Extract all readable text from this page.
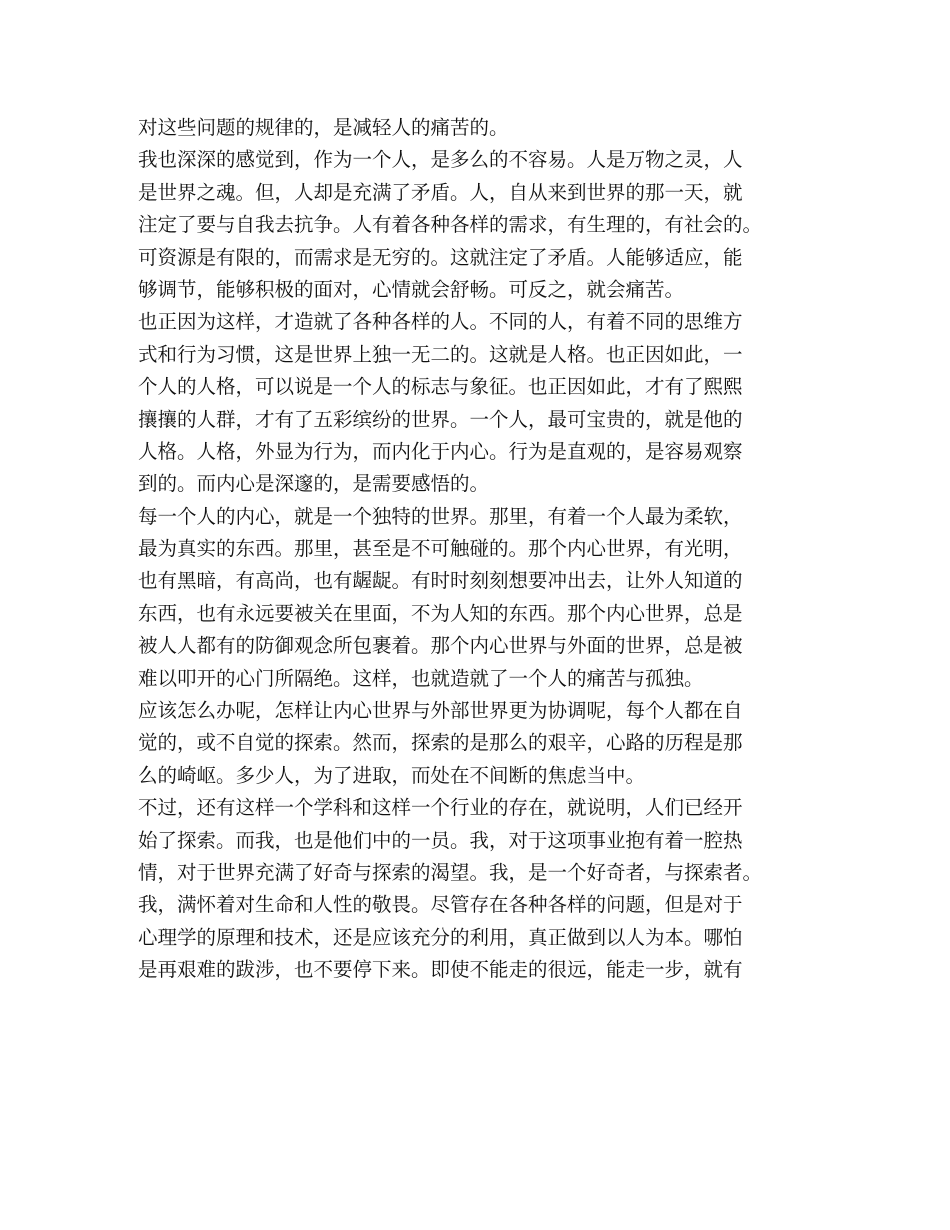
对这些问题的规律的，是减轻人的痛苦的。
我也深深的感觉到，作为一个人，是多么的不容易。人是万物之灵，人
是世界之魂。但，人却是充满了矛盾。人，自从来到世界的那一天，就
注定了要与自我去抗争。人有着各种各样的需求，有生理的，有社会的。
可资源是有限的，而需求是无穷的。这就注定了矛盾。人能够适应，能
够调节，能够积极的面对，心情就会舒畅。可反之，就会痛苦。
也正因为这样，才造就了各种各样的人。不同的人，有着不同的思维方
式和行为习惯，这是世界上独一无二的。这就是人格。也正因如此，一
个人的人格，可以说是一个人的标志与象征。也正因如此，才有了熙熙
攘攘的人群，才有了五彩缤纷的世界。一个人，最可宝贵的，就是他的
人格。人格，外显为行为，而内化于内心。行为是直观的，是容易观察
到的。而内心是深邃的，是需要感悟的。
每一个人的内心，就是一个独特的世界。那里，有着一个人最为柔软，
最为真实的东西。那里，甚至是不可触碰的。那个内心世界，有光明，
也有黑暗，有高尚，也有龌龊。有时时刻刻想要冲出去，让外人知道的
东西，也有永远要被关在里面，不为人知的东西。那个内心世界，总是
被人人都有的防御观念所包裹着。那个内心世界与外面的世界，总是被
难以叩开的心门所隔绝。这样，也就造就了一个人的痛苦与孤独。
应该怎么办呢，怎样让内心世界与外部世界更为协调呢，每个人都在自
觉的，或不自觉的探索。然而，探索的是那么的艰辛，心路的历程是那
么的崎岖。多少人，为了进取，而处在不间断的焦虑当中。
不过，还有这样一个学科和这样一个行业的存在，就说明，人们已经开
始了探索。而我，也是他们中的一员。我，对于这项事业抱有着一腔热
情，对于世界充满了好奇与探索的渴望。我，是一个好奇者，与探索者。
我，满怀着对生命和人性的敬畏。尽管存在各种各样的问题，但是对于
心理学的原理和技术，还是应该充分的利用，真正做到以人为本。哪怕
是再艰难的跋涉，也不要停下来。即使不能走的很远，能走一步，就有
